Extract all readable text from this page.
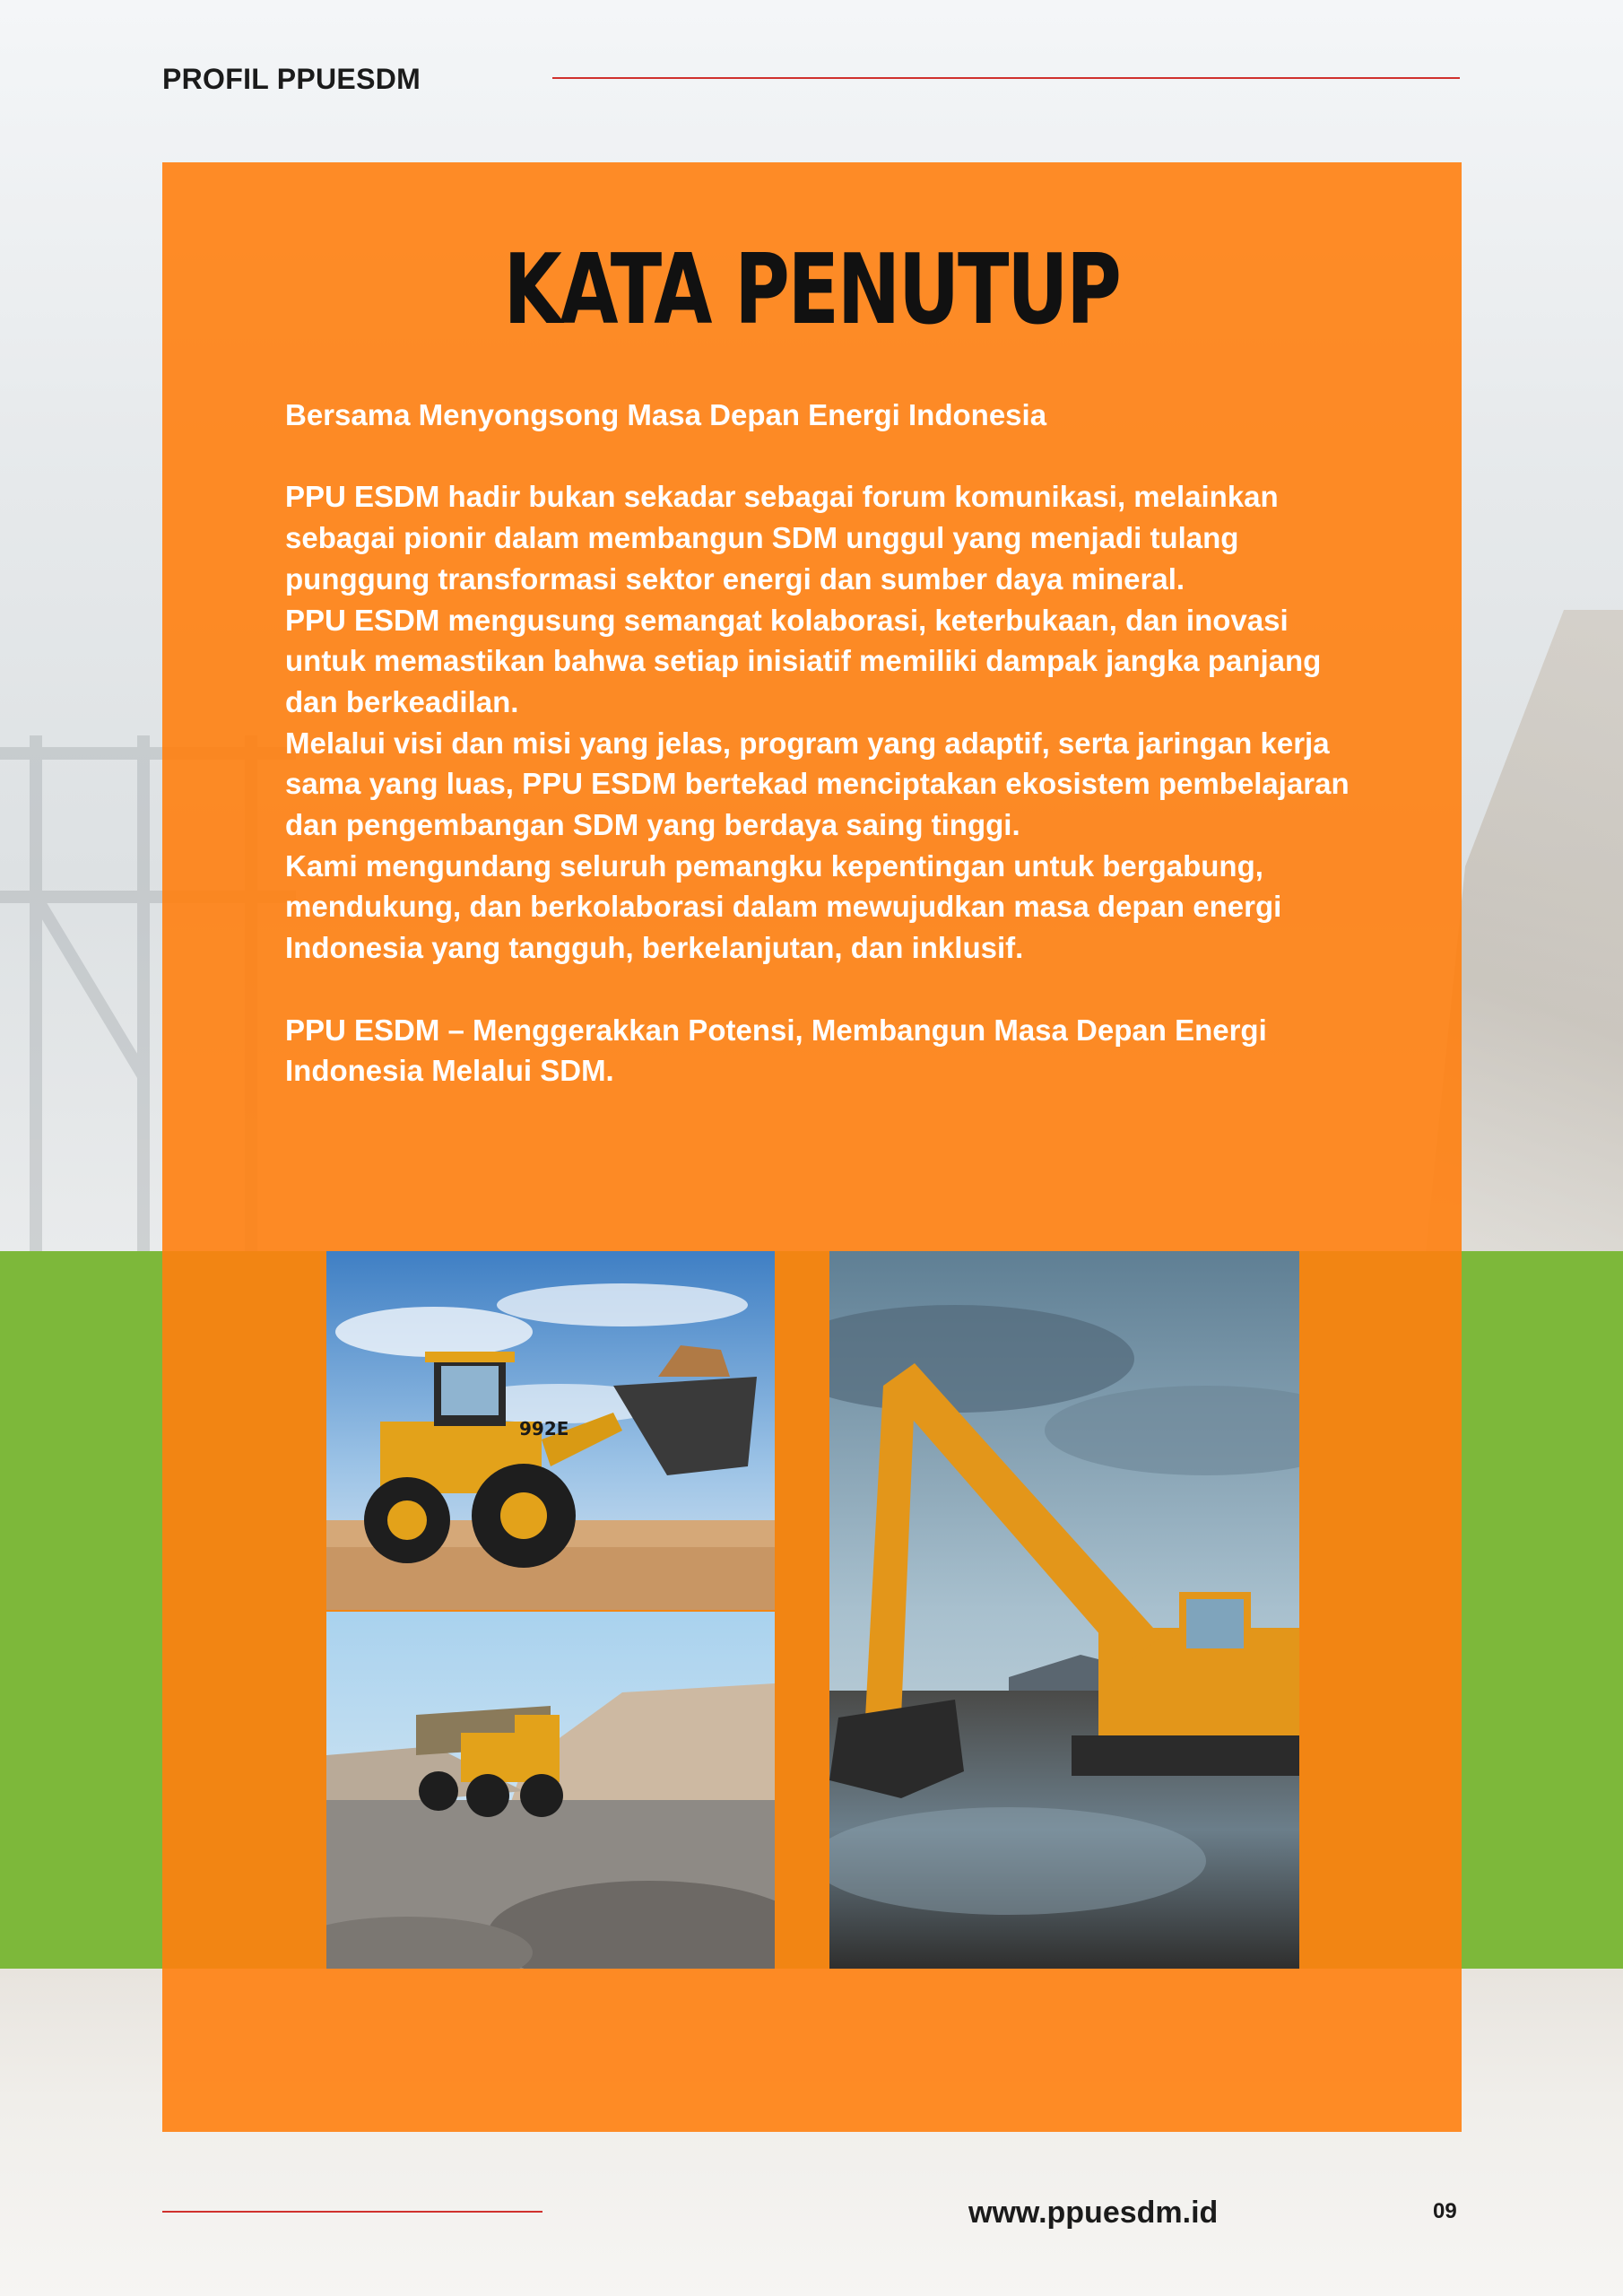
PROFIL PPUESDM
KATA PENUTUP

Bersama Menyongsong Masa Depan Energi Indonesia

PPU ESDM hadir bukan sekadar sebagai forum komunikasi, melainkan sebagai pionir dalam membangun SDM unggul yang menjadi tulang punggung transformasi sektor energi dan sumber daya mineral.

PPU ESDM mengusung semangat kolaborasi, keterbukaan, dan inovasi untuk memastikan bahwa setiap inisiatif memiliki dampak jangka panjang dan berkeadilan.

Melalui visi dan misi yang jelas, program yang adaptif, serta jaringan kerja sama yang luas, PPU ESDM bertekad menciptakan ekosistem pembelajaran dan pengembangan SDM yang berdaya saing tinggi.

Kami mengundang seluruh pemangku kepentingan untuk bergabung, mendukung, dan berkolaborasi dalam mewujudkan masa depan energi Indonesia yang tangguh, berkelanjutan, dan inklusif.

PPU ESDM – Menggerakkan Potensi, Membangun Masa Depan Energi Indonesia Melalui SDM.

992E
www.ppuesdm.id	09
